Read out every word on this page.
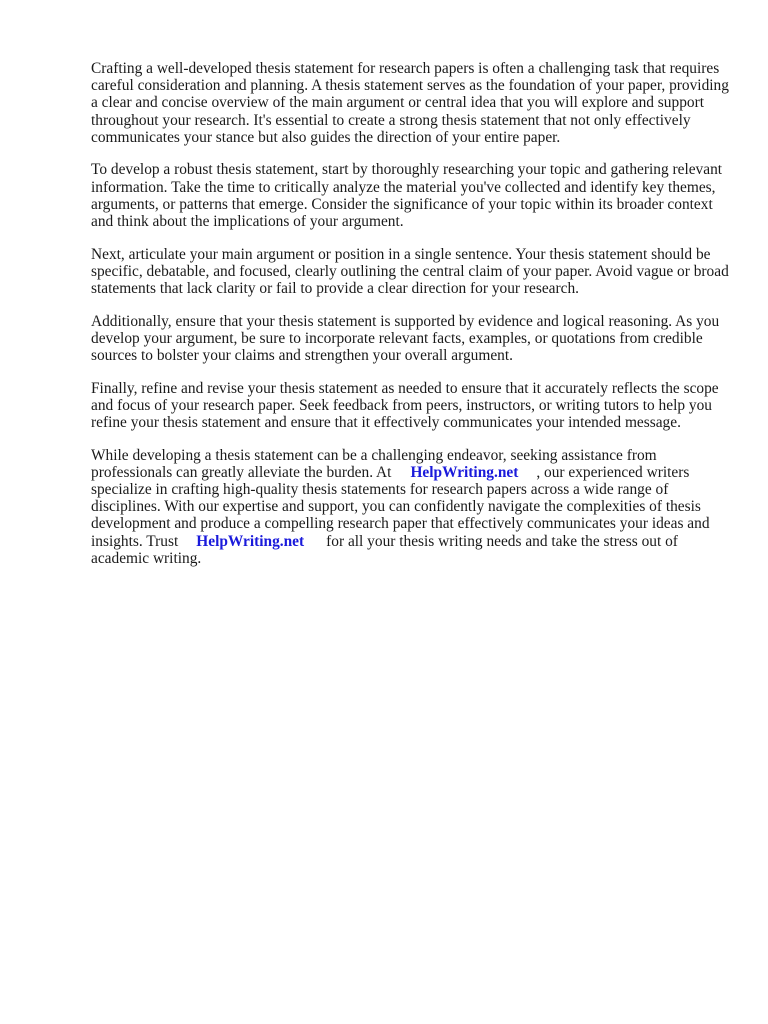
Crafting a well-developed thesis statement for research papers is often a challenging task that requires careful consideration and planning. A thesis statement serves as the foundation of your paper, providing a clear and concise overview of the main argument or central idea that you will explore and support throughout your research. It's essential to create a strong thesis statement that not only effectively communicates your stance but also guides the direction of your entire paper.

To develop a robust thesis statement, start by thoroughly researching your topic and gathering relevant information. Take the time to critically analyze the material you've collected and identify key themes, arguments, or patterns that emerge. Consider the significance of your topic within its broader context and think about the implications of your argument.

Next, articulate your main argument or position in a single sentence. Your thesis statement should be specific, debatable, and focused, clearly outlining the central claim of your paper. Avoid vague or broad statements that lack clarity or fail to provide a clear direction for your research.

Additionally, ensure that your thesis statement is supported by evidence and logical reasoning. As you develop your argument, be sure to incorporate relevant facts, examples, or quotations from credible sources to bolster your claims and strengthen your overall argument.

Finally, refine and revise your thesis statement as needed to ensure that it accurately reflects the scope and focus of your research paper. Seek feedback from peers, instructors, or writing tutors to help you refine your thesis statement and ensure that it effectively communicates your intended message.

While developing a thesis statement can be a challenging endeavor, seeking assistance from professionals can greatly alleviate the burden. At HelpWriting.net , our experienced writers specialize in crafting high-quality thesis statements for research papers across a wide range of disciplines. With our expertise and support, you can confidently navigate the complexities of thesis development and produce a compelling research paper that effectively communicates your ideas and insights. Trust HelpWriting.net for all your thesis writing needs and take the stress out of academic writing.
